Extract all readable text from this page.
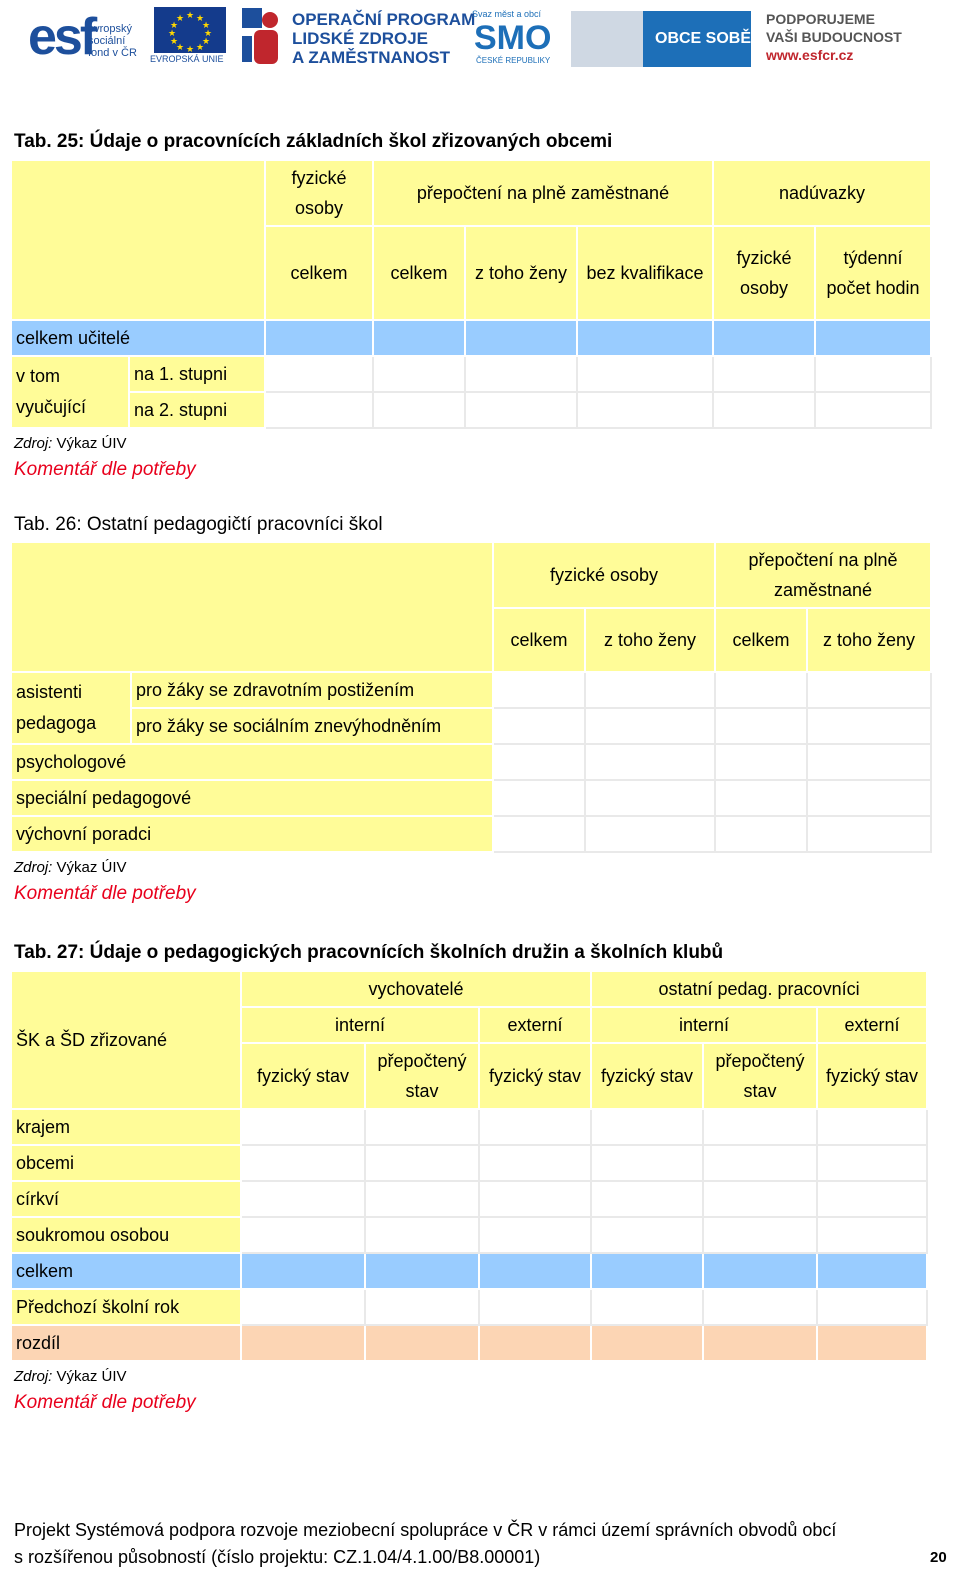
esf
evropský
sociální
fond v ČR
★ ★
★
★
★
★
★
★
★
★
★
★
EVROPSKÁ UNIE
OPERAČNÍ PROGRAM
LIDSKÉ ZDROJE
A ZAMĚSTNANOST
Svaz měst a obcí
SMO
ČESKÉ REPUBLIKY
OBCE SOBĚ
PODPORUJEME
VAŠI BUDOUCNOST
www.esfcr.cz
Tab. 25: Údaje o pracovnících základních škol zřizovaných obcemi
		fyzické osoby	přepočtení na plně zaměstnané			nadúvazky	
		celkem	celkem	z toho ženy	bez kvalifikace	fyzické osoby	týdenní počet hodin
celkem učitelé							
v tom vyučující	na 1. stupni						
	na 2. stupni						
Zdroj: Výkaz ÚIV
Komentář dle potřeby
Tab. 26: Ostatní pedagogičtí pracovníci škol
		fyzické osoby		přepočtení na plně zaměstnané	
		celkem	z toho ženy	celkem	z toho ženy
asistenti pedagoga	pro žáky se zdravotním postižením				
	pro žáky se sociálním znevýhodněním				
psychologové					
speciální pedagogové					
výchovní poradci					
Zdroj: Výkaz ÚIV
Komentář dle potřeby
Tab. 27: Údaje o pedagogických pracovnících školních družin a školních klubů
ŠK a ŠD zřizované	vychovatelé			ostatní pedag. pracovníci		
	interní		externí	interní		externí
	fyzický stav	přepočtený stav	fyzický stav	fyzický stav	přepočtený stav	fyzický stav
krajem						
obcemi						
církví						
soukromou osobou						
celkem						
Předchozí školní rok						
rozdíl						
Zdroj: Výkaz ÚIV
Komentář dle potřeby
Projekt Systémová podpora rozvoje meziobecní spolupráce v ČR v rámci území správních obvodů obcí
s rozšířenou působností (číslo projektu: CZ.1.04/4.1.00/B8.00001)	20
